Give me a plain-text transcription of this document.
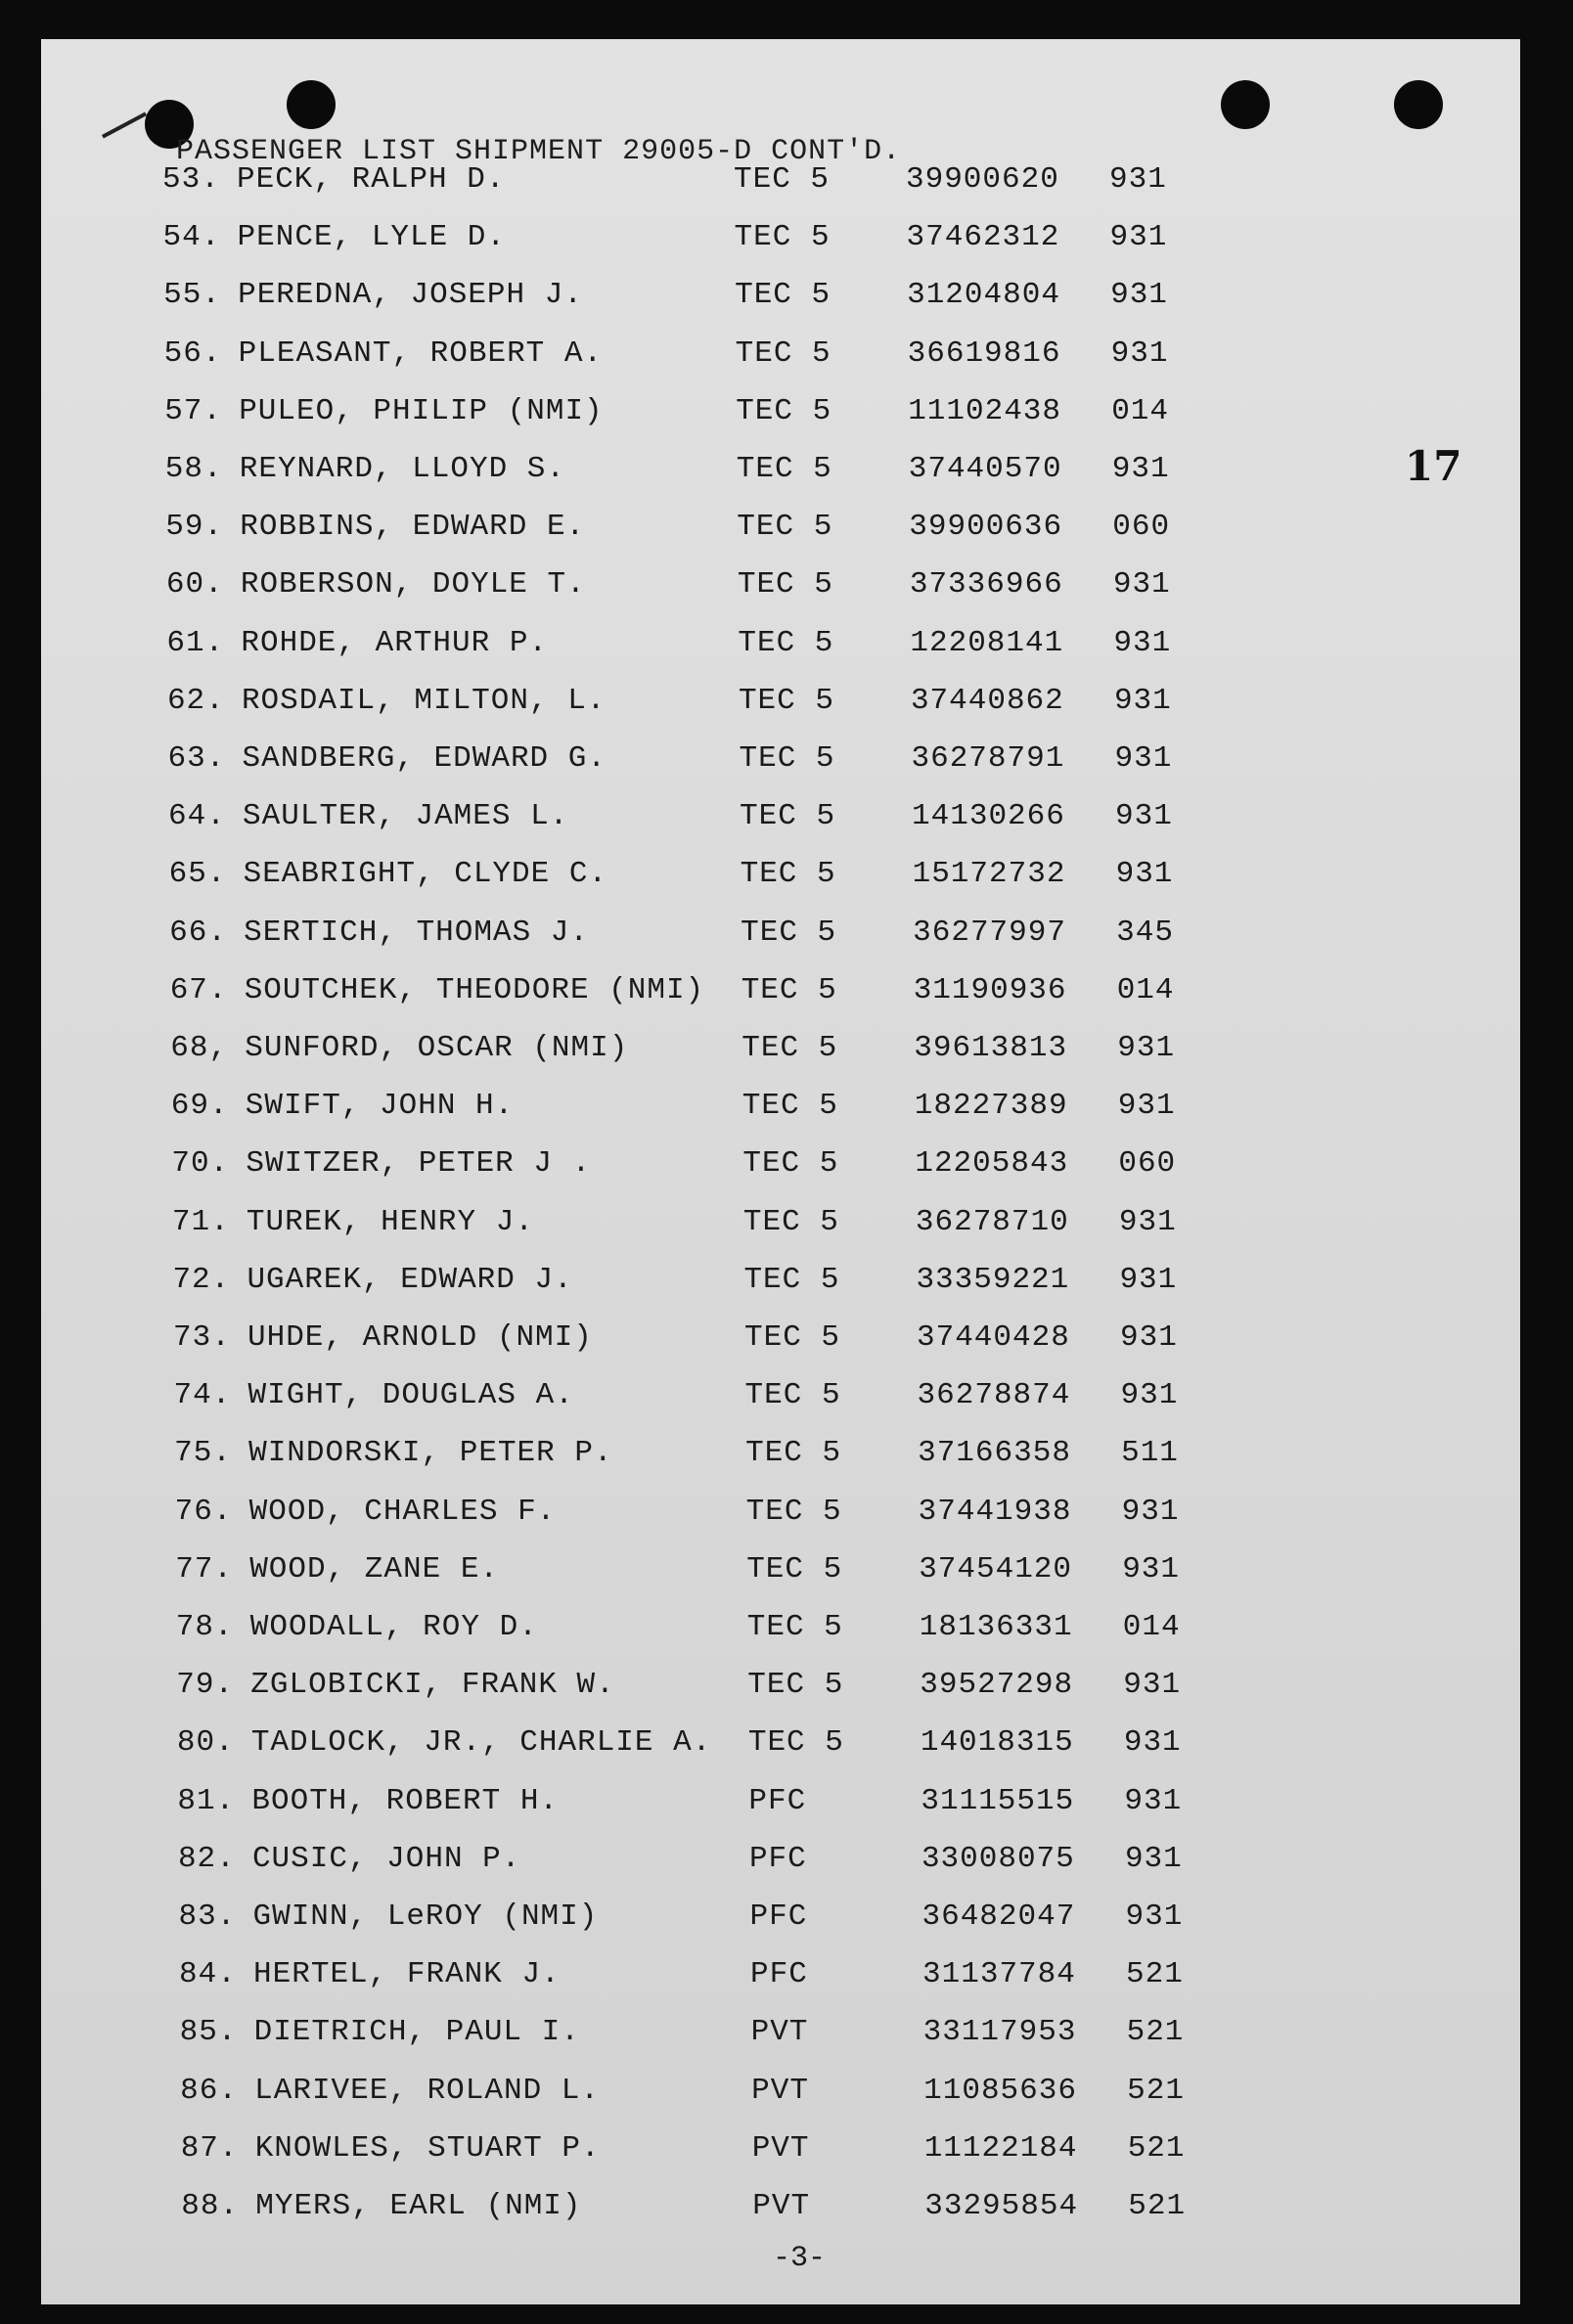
PASSENGER LIST SHIPMENT 29005-D CONT'D.
17
53. PECK, RALPH D.	TEC 5	39900620 931
54. PENCE, LYLE D.	TEC 5	37462312 931
55. PEREDNA, JOSEPH J.	TEC 5	31204804 931
56. PLEASANT, ROBERT A.	TEC 5	36619816 931
57. PULEO, PHILIP (NMI)	TEC 5	11102438 014
58. REYNARD, LLOYD S.	TEC 5	37440570 931
59. ROBBINS, EDWARD E.	TEC 5	39900636 060
60. ROBERSON, DOYLE T.	TEC 5	37336966 931
61. ROHDE, ARTHUR P.	TEC 5	12208141 931
62. ROSDAIL, MILTON, L.	TEC 5	37440862 931
63. SANDBERG, EDWARD G.	TEC 5	36278791 931
64. SAULTER, JAMES L.	TEC 5	14130266 931
65. SEABRIGHT, CLYDE C.	TEC 5	15172732 931
66. SERTICH, THOMAS J.	TEC 5	36277997 345
67. SOUTCHEK, THEODORE (NMI) TEC 5	31190936 014
68, SUNFORD, OSCAR (NMI)	TEC 5	39613813 931
69. SWIFT, JOHN H.	TEC 5	18227389 931
70. SWITZER, PETER J .	TEC 5	12205843 060
71. TUREK, HENRY J.	TEC 5	36278710 931
72. UGAREK, EDWARD J.	TEC 5	33359221 931
73. UHDE, ARNOLD (NMI)	TEC 5	37440428 931
74. WIGHT, DOUGLAS A.	TEC 5	36278874 931
75. WINDORSKI, PETER P.	TEC 5	37166358 511
76. WOOD, CHARLES F.	TEC 5	37441938 931
77. WOOD, ZANE E.	TEC 5	37454120 931
78. WOODALL, ROY D.	TEC 5	18136331 014
79. ZGLOBICKI, FRANK W.	TEC 5	39527298 931
80. TADLOCK, JR., CHARLIE A. TEC 5	14018315 931
81. BOOTH, ROBERT H.	PFC	31115515 931
82. CUSIC, JOHN P.	PFC	33008075 931
83. GWINN, LeROY (NMI)	PFC	36482047 931
84. HERTEL, FRANK J.	PFC	31137784 521
85. DIETRICH, PAUL I.	PVT	33117953 521
86. LARIVEE, ROLAND L.	PVT	11085636 521
87. KNOWLES, STUART P.	PVT	11122184 521
88. MYERS, EARL (NMI)	PVT	33295854 521
-3-
